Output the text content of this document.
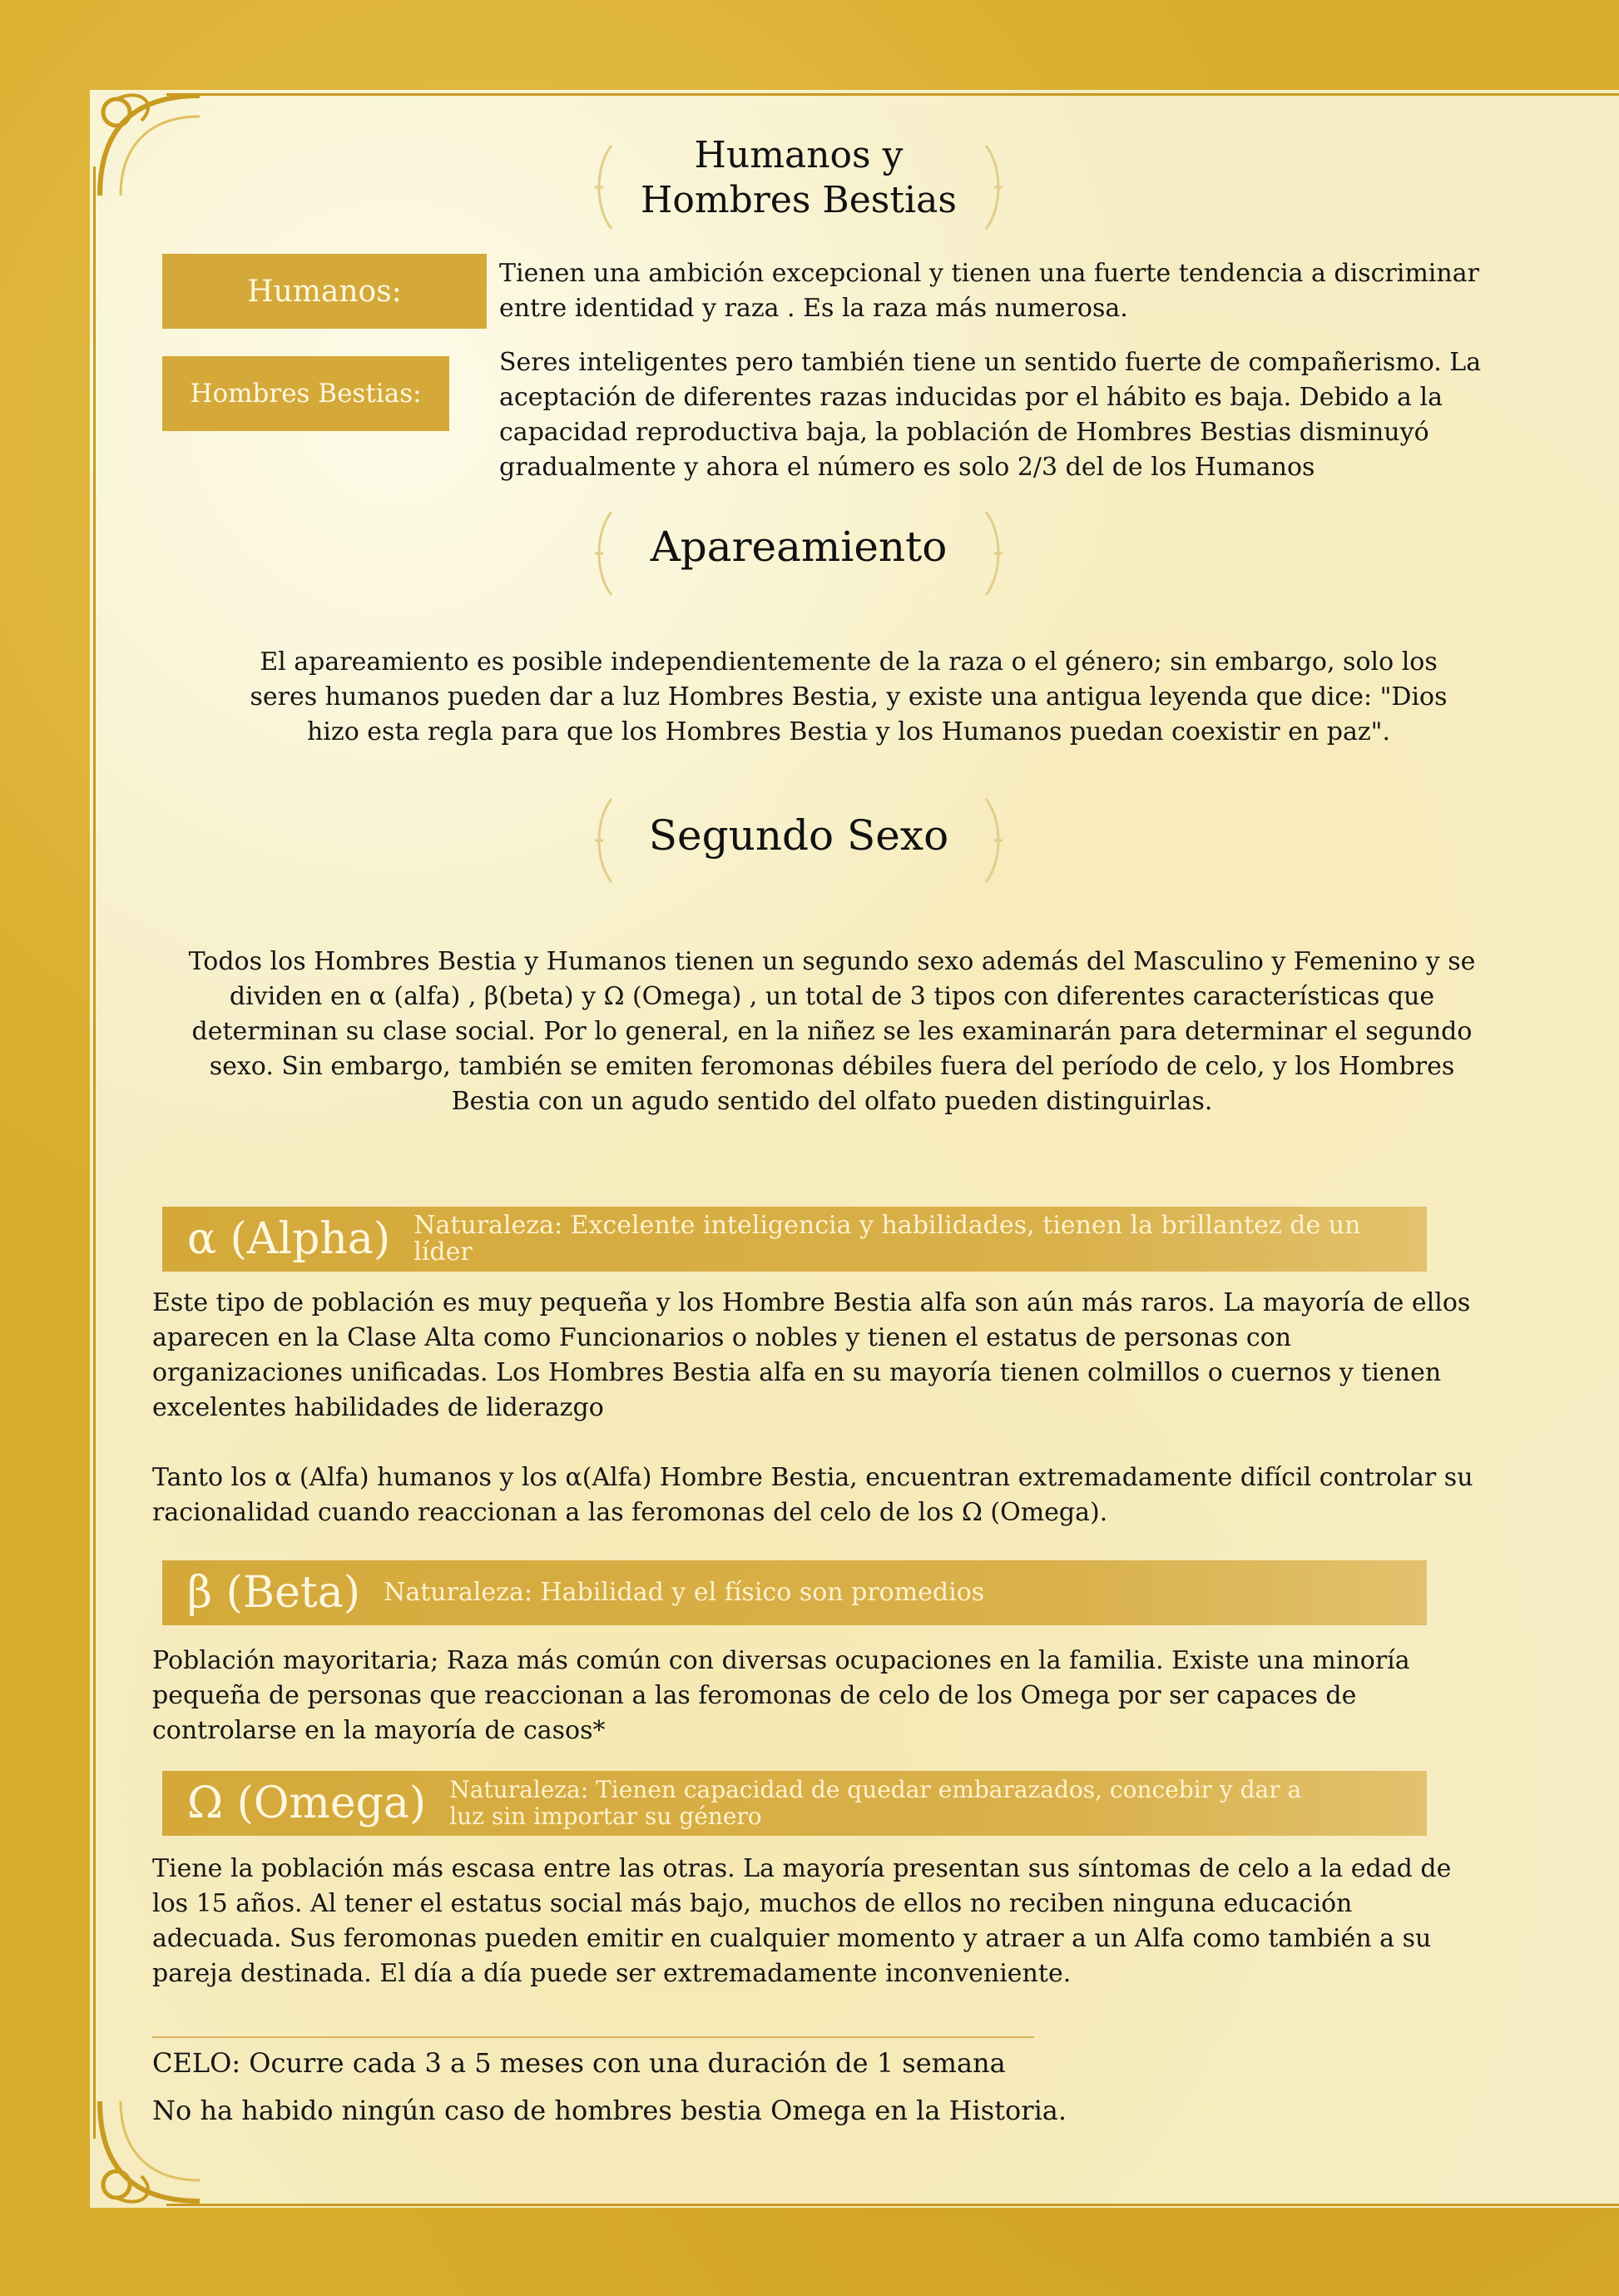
Humanos y
Hombres Bestias
Humanos:
Tienen una ambición excepcional y tienen una fuerte tendencia a discriminar entre identidad y raza . Es la raza más numerosa.
Hombres Bestias:
Seres inteligentes pero también tiene un sentido fuerte de compañerismo. La aceptación de diferentes razas inducidas por el hábito es baja. Debido a la capacidad reproductiva baja, la población de Hombres Bestias disminuyó gradualmente y ahora el número es solo 2/3 del de los Humanos
Apareamiento
El apareamiento es posible independientemente de la raza o el género; sin embargo, solo los seres humanos pueden dar a luz Hombres Bestia, y existe una antigua leyenda que dice: "Dios hizo esta regla para que los Hombres Bestia y los Humanos puedan coexistir en paz".
Segundo Sexo
Todos los Hombres Bestia y Humanos tienen un segundo sexo además del Masculino y Femenino y se dividen en α (alfa) , β(beta) y Ω (Omega) , un total de 3 tipos con diferentes características que determinan su clase social. Por lo general, en la niñez se les examinarán para determinar el segundo sexo. Sin embargo, también se emiten feromonas débiles fuera del período de celo, y los Hombres Bestia con un agudo sentido del olfato pueden distinguirlas.
α (Alpha) Naturaleza: Excelente inteligencia y habilidades, tienen la brillantez de un líder
Este tipo de población es muy pequeña y los Hombre Bestia alfa son aún más raros. La mayoría de ellos aparecen en la Clase Alta como Funcionarios o nobles y tienen el estatus de personas con organizaciones unificadas. Los Hombres Bestia alfa en su mayoría tienen colmillos o cuernos y tienen excelentes habilidades de liderazgo
Tanto los α (Alfa) humanos y los α(Alfa) Hombre Bestia, encuentran extremadamente difícil controlar su racionalidad cuando reaccionan a las feromonas del celo de los Ω (Omega).
β (Beta) Naturaleza: Habilidad y el físico son promedios
Población mayoritaria; Raza más común con diversas ocupaciones en la familia. Existe una minoría pequeña de personas que reaccionan a las feromonas de celo de los Omega por ser capaces de controlarse en la mayoría de casos*
Ω (Omega)	Naturaleza: Tienen capacidad de quedar embarazados, concebir y dar a luz sin importar su género
Tiene la población más escasa entre las otras. La mayoría presentan sus síntomas de celo a la edad de los 15 años. Al tener el estatus social más bajo, muchos de ellos no reciben ninguna educación adecuada. Sus feromonas pueden emitir en cualquier momento y atraer a un Alfa como también a su pareja destinada. El día a día puede ser extremadamente inconveniente.
CELO: Ocurre cada 3 a 5 meses con una duración de 1 semana
No ha habido ningún caso de hombres bestia Omega en la Historia.
